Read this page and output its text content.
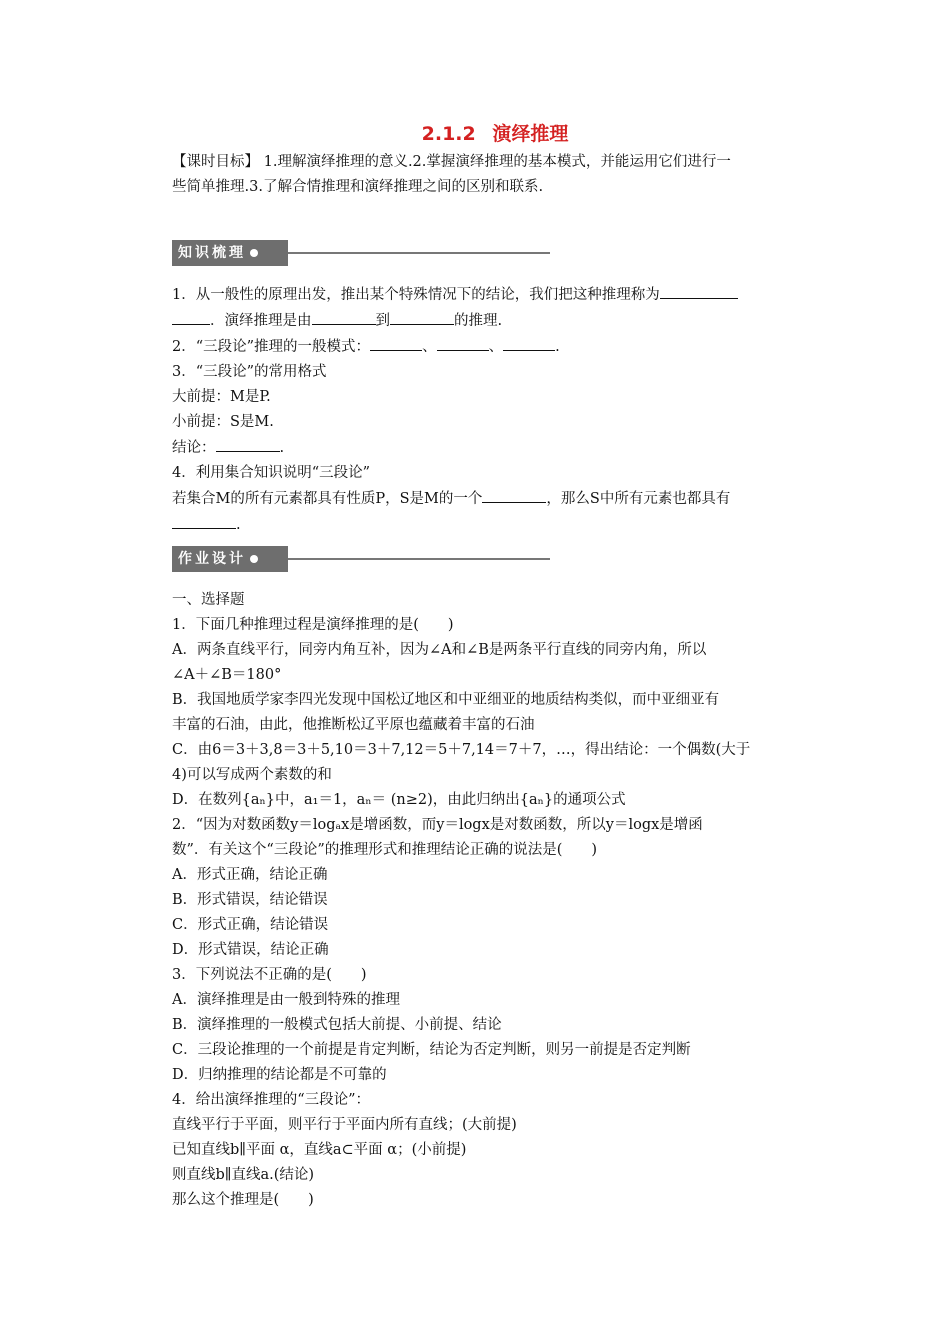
2.1.2 演绎推理

【课时目标】 1.理解演绎推理的意义.2.掌握演绎推理的基本模式，并能运用它们进行一
些简单推理.3.了解合情推理和演绎推理之间的区别和联系.

知识梳理

1．从一般性的原理出发，推出某个特殊情况下的结论，我们把这种推理称为
．演绎推理是由	到	的推理.

2．“三段论”推理的一般模式：	、	、	.

3．“三段论”的常用格式

大前提：M是P.

小前提：S是M.

结论：	.

4．利用集合知识说明“三段论”

若集合M的所有元素都具有性质P，S是M的一个	，那么S中所有元素也都具有
.

作业设计

一、选择题

1．下面几种推理过程是演绎推理的是(　　)

A．两条直线平行，同旁内角互补，因为∠A和∠B是两条平行直线的同旁内角，所以
∠A＋∠B＝180°

B．我国地质学家李四光发现中国松辽地区和中亚细亚的地质结构类似，而中亚细亚有
丰富的石油，由此，他推断松辽平原也蕴藏着丰富的石油

C．由6＝3＋3,8＝3＋5,10＝3＋7,12＝5＋7,14＝7＋7，…，得出结论：一个偶数(大于
4)可以写成两个素数的和

D．在数列{aₙ}中，a₁＝1，aₙ＝ (n≥2)，由此归纳出{aₙ}的通项公式

2．“因为对数函数y＝logₐx是增函数，而y＝logx是对数函数，所以y＝logx是增函
数”．有关这个“三段论”的推理形式和推理结论正确的说法是(　　)

A．形式正确，结论正确

B．形式错误，结论错误

C．形式正确，结论错误

D．形式错误，结论正确

3．下列说法不正确的是(　　)

A．演绎推理是由一般到特殊的推理

B．演绎推理的一般模式包括大前提、小前提、结论

C．三段论推理的一个前提是肯定判断，结论为否定判断，则另一前提是否定判断

D．归纳推理的结论都是不可靠的

4．给出演绎推理的“三段论”：

直线平行于平面，则平行于平面内所有直线；(大前提)

已知直线b∥平面 α，直线a⊂平面 α；(小前提)

则直线b∥直线a.(结论)

那么这个推理是(　　)
